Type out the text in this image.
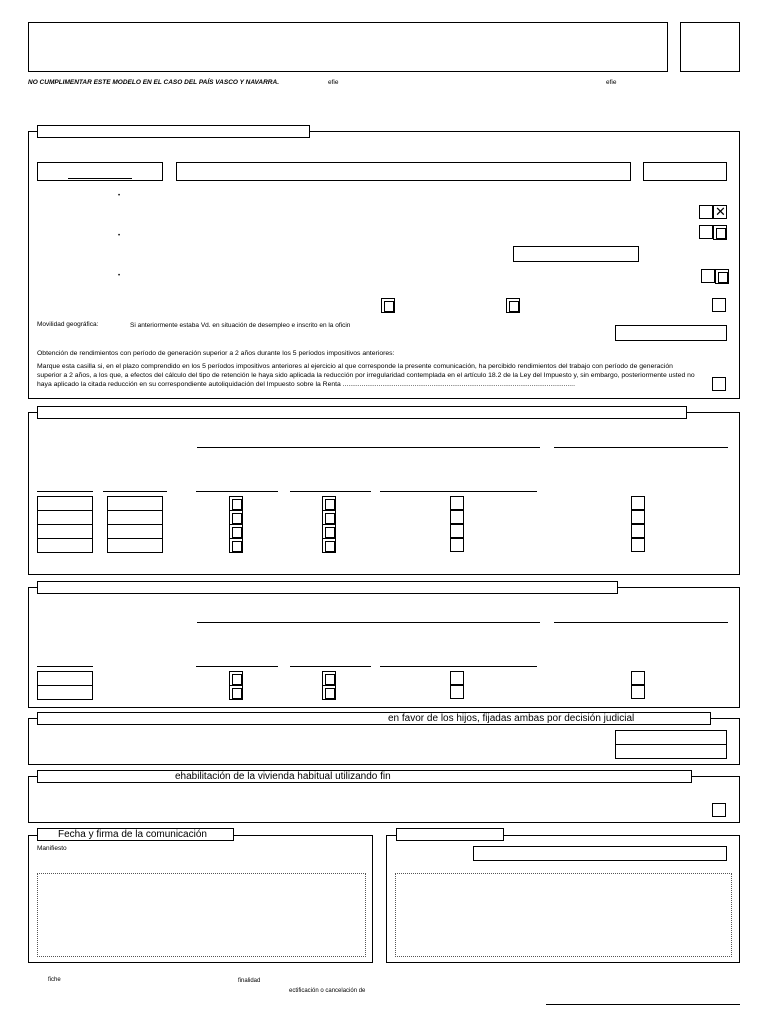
NO CUMPLIMENTAR ESTE MODELO EN EL CASO DEL PAÍS VASCO Y NAVARRA.	efie	efie
•
•
•
✕
Movilidad geográfica:	Si anteriormente estaba Vd. en situación de desempleo e inscrito en la oficin
Obtención de rendimientos con período de generación superior a 2 años durante los 5 períodos impositivos anteriores:
Marque esta casilla si, en el plazo comprendido en los 5 períodos impositivos anteriores al ejercicio al que corresponde la presente comunicación, ha percibido rendimientos del trabajo con período de generación superior a 2 años, a los que, a efectos del cálculo del tipo de retención le haya sido aplicada la reducción por irregularidad contemplada en el artículo 18.2 de la Ley del Impuesto y, sin embargo, posteriormente usted no haya aplicado la citada reducción en su correspondiente autoliquidación del Impuesto sobre la Renta ...........................................................................................................................
en favor de los hijos, fijadas ambas por decisión judicial
ehabilitación de la vivienda habitual utilizando fin
Fecha y firma de la comunicación
Manifiesto
fiche	finalidad
ectificación o cancelación de
